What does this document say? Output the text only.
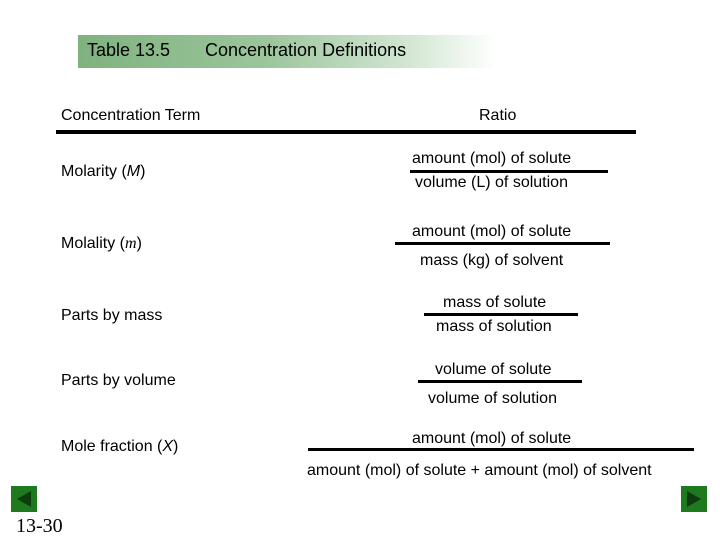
Table 13.5 Concentration Definitions
Concentration Term	Ratio
Molarity (M)
amount (mol) of solute
volume (L) of solution
Molality (m)
amount (mol) of solute
mass (kg) of solvent
Parts by mass
mass of solute
mass of solution
Parts by volume
volume of solute
volume of solution
Mole fraction (X)	amount (mol) of solute
amount (mol) of solute + amount (mol) of solvent
13-30
